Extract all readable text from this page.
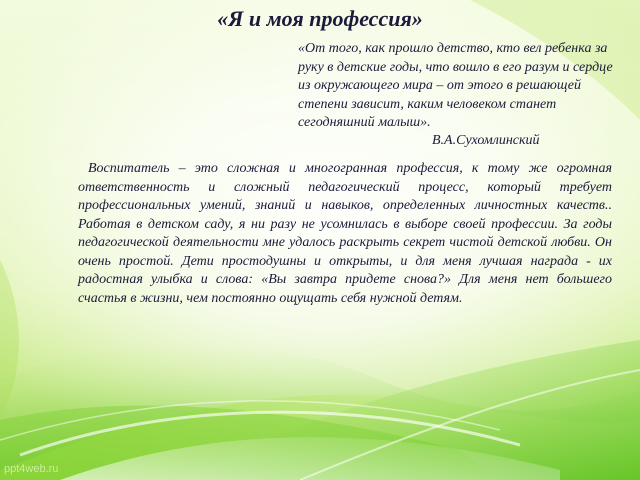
«Я и моя профессия»
«От того, как прошло детство, кто вел ребенка за руку в детские годы, что вошло в его разум и сердце из окружающего мира – от этого в решающей степени зависит, каким человеком станет сегодняшний малыш».
В.А.Сухомлинский

Воспитатель – это сложная и многогранная профессия, к тому же огромная ответственность и сложный педагогический процесс, который требует профессиональных умений, знаний и навыков, определенных личностных качеств.. Работая в детском саду, я ни разу не усомнилась в выборе своей профессии. За годы педагогической деятельности мне удалось раскрыть секрет чистой детской любви. Он очень простой. Дети простодушны и открыты, и для меня лучшая награда - их радостная улыбка и слова: «Вы завтра придете снова?» Для меня нет большего счастья в жизни, чем постоянно ощущать себя нужной детям.

ppt4web.ru
